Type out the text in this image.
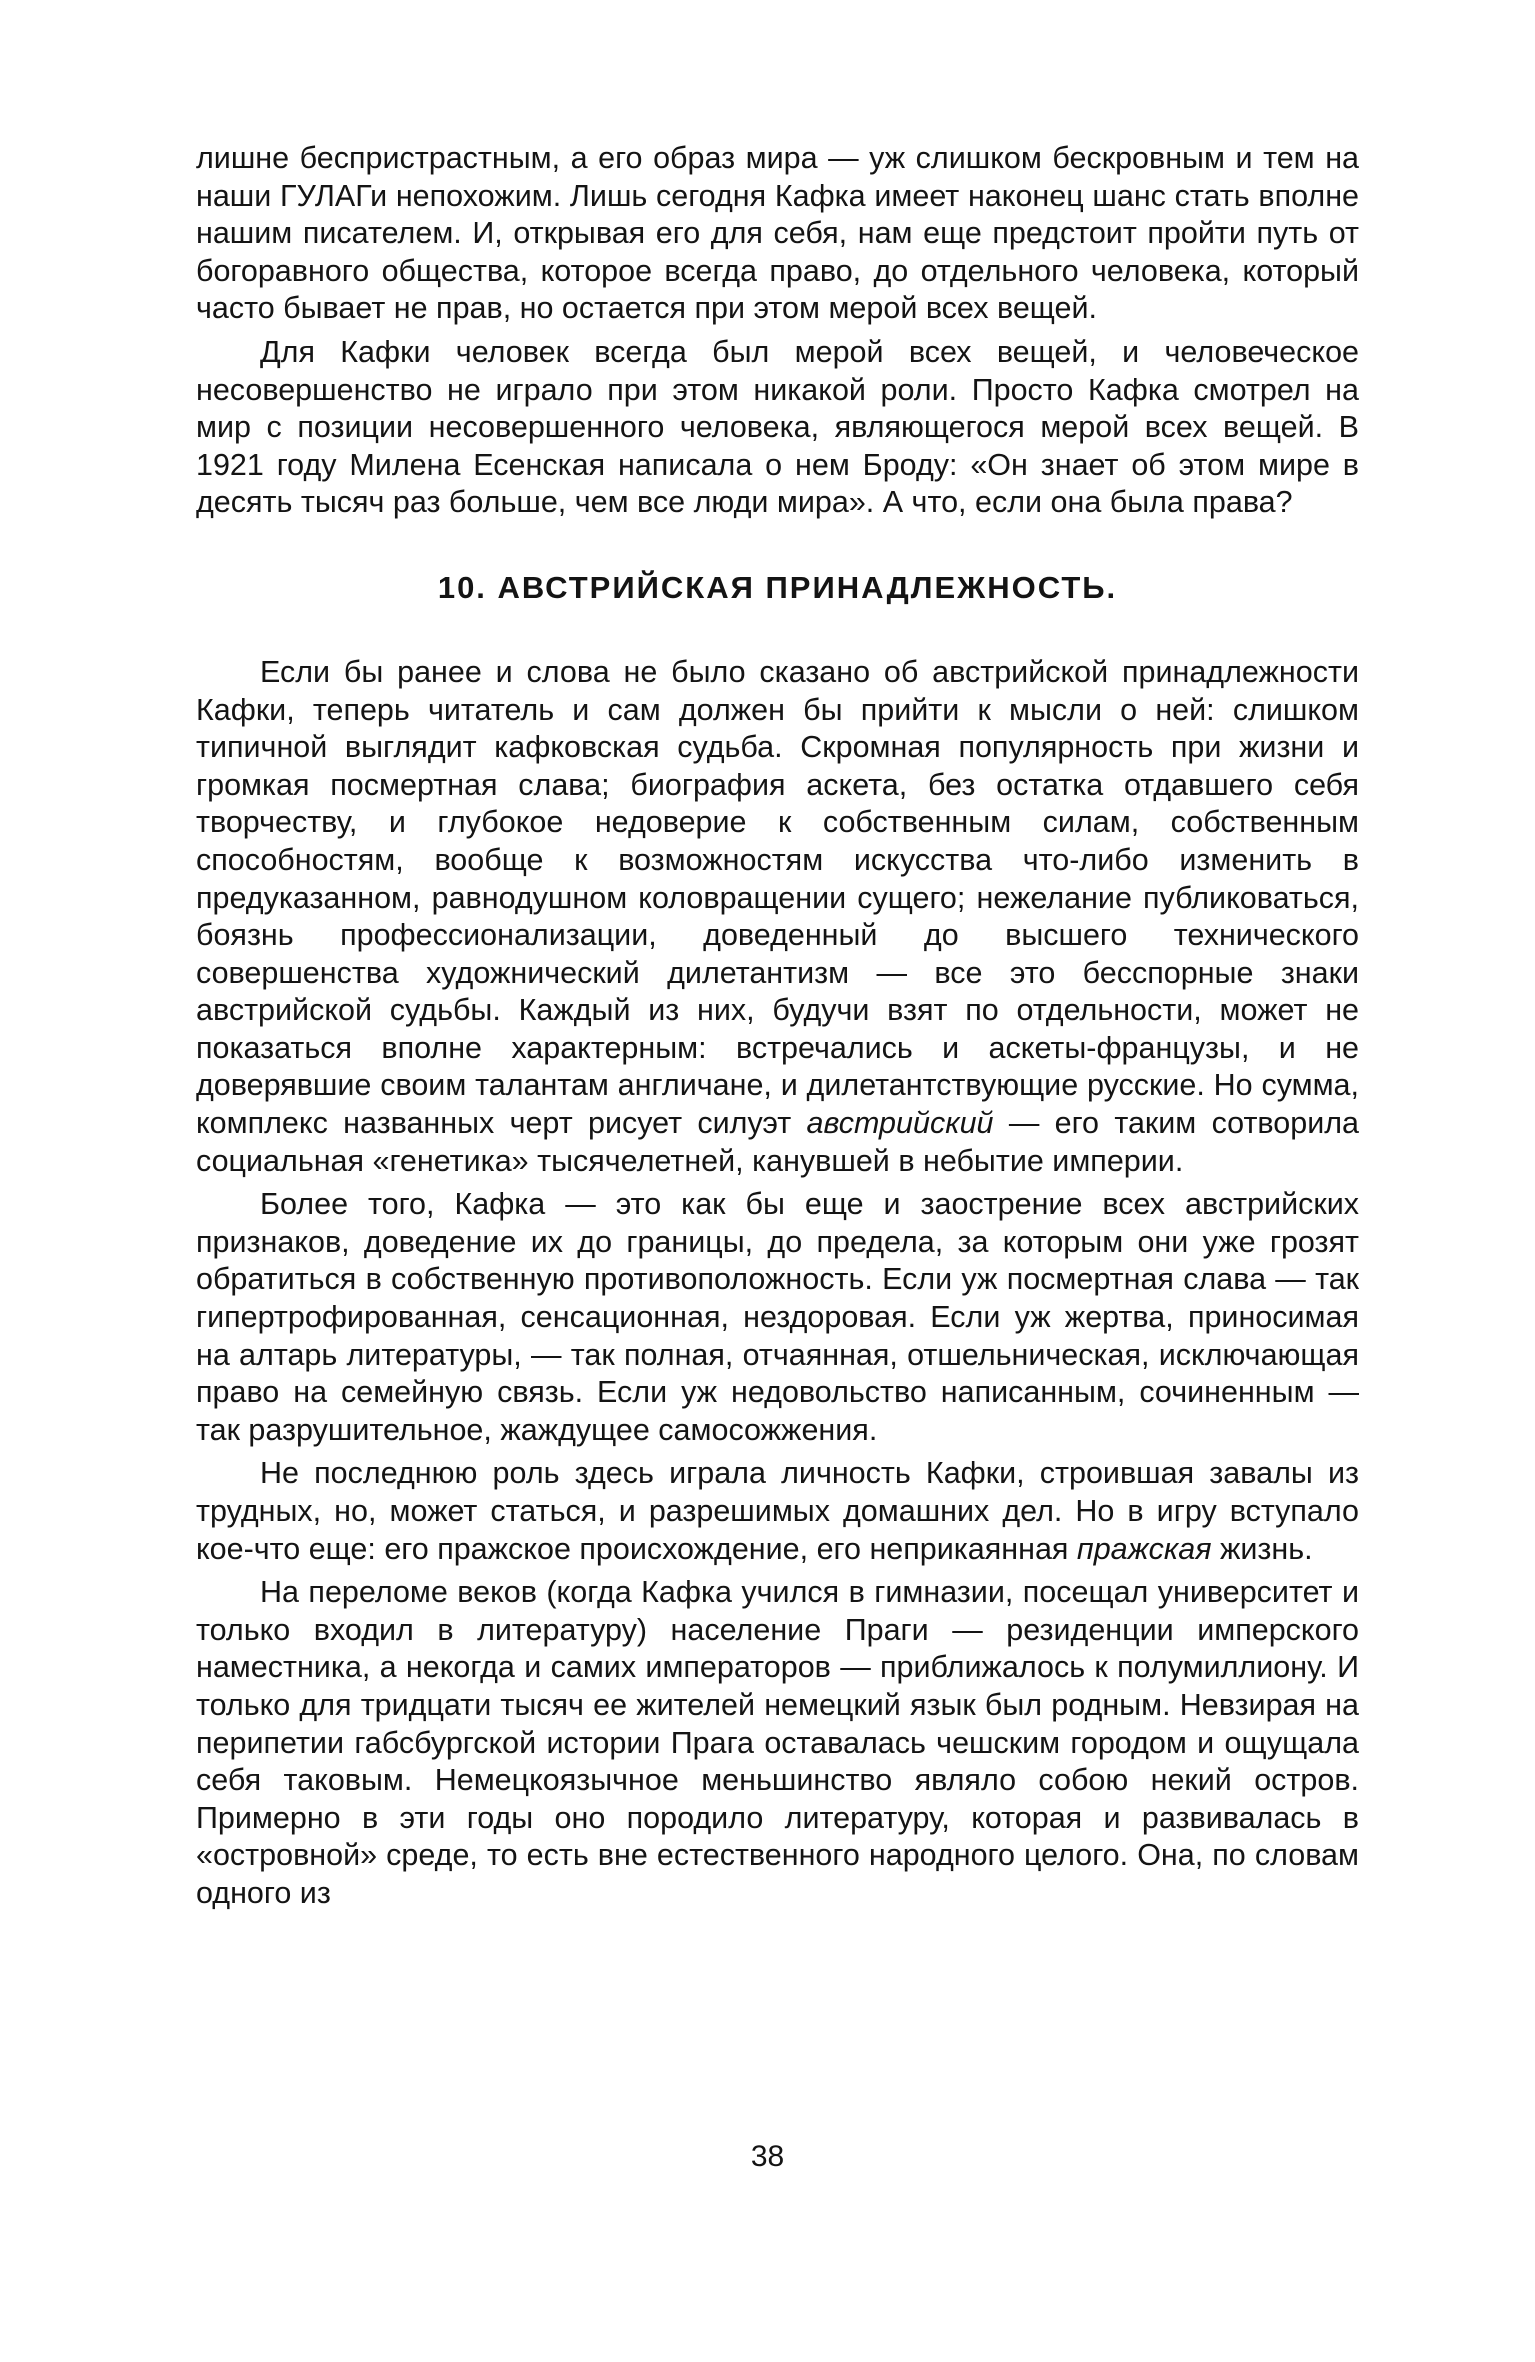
лишне беспристрастным, а его образ мира — уж слишком бескровным и тем на наши ГУЛАГи непохожим. Лишь сегодня Кафка имеет наконец шанс стать вполне нашим писателем. И, открывая его для себя, нам еще предстоит пройти путь от богоравного общества, которое всегда право, до отдельного человека, который часто бывает не прав, но остается при этом мерой всех вещей.

Для Кафки человек всегда был мерой всех вещей, и человеческое несовершенство не играло при этом никакой роли. Просто Кафка смотрел на мир с позиции несовершенного человека, являющегося мерой всех вещей. В 1921 году Милена Есенская написала о нем Броду: «Он знает об этом мире в десять тысяч раз больше, чем все люди мира». А что, если она была права?

10. АВСТРИЙСКАЯ ПРИНАДЛЕЖНОСТЬ.

Если бы ранее и слова не было сказано об австрийской принадлежности Кафки, теперь читатель и сам должен бы прийти к мысли о ней: слишком типичной выглядит кафковская судьба. Скромная популярность при жизни и громкая посмертная слава; биография аскета, без остатка отдавшего себя творчеству, и глубокое недоверие к собственным силам, собственным способностям, вообще к возможностям искусства что-либо изменить в предуказанном, равнодушном коловращении сущего; нежелание публиковаться, боязнь профессионализации, доведенный до высшего технического совершенства художнический дилетантизм — все это бесспорные знаки австрийской судьбы. Каждый из них, будучи взят по отдельности, может не показаться вполне характерным: встречались и аскеты-французы, и не доверявшие своим талантам англичане, и дилетантствующие русские. Но сумма, комплекс названных черт рисует силуэт австрийский — его таким сотворила социальная «генетика» тысячелетней, канувшей в небытие империи.

Более того, Кафка — это как бы еще и заострение всех австрийских признаков, доведение их до границы, до предела, за которым они уже грозят обратиться в собственную противоположность. Если уж посмертная слава — так гипертрофированная, сенсационная, нездоровая. Если уж жертва, приносимая на алтарь литературы, — так полная, отчаянная, отшельническая, исключающая право на семейную связь. Если уж недовольство написанным, сочиненным — так разрушительное, жаждущее самосожжения.

Не последнюю роль здесь играла личность Кафки, строившая завалы из трудных, но, может статься, и разрешимых домашних дел. Но в игру вступало кое-что еще: его пражское происхождение, его неприкаянная пражская жизнь.

На переломе веков (когда Кафка учился в гимназии, посещал университет и только входил в литературу) население Праги — резиденции имперского наместника, а некогда и самих императоров — приближалось к полумиллиону. И только для тридцати тысяч ее жителей немецкий язык был родным. Невзирая на перипетии габсбургской истории Прага оставалась чешским городом и ощущала себя таковым. Немецкоязычное меньшинство являло собою некий остров. Примерно в эти годы оно породило литературу, которая и развивалась в «островной» среде, то есть вне естественного народного целого. Она, по словам одного из

38
